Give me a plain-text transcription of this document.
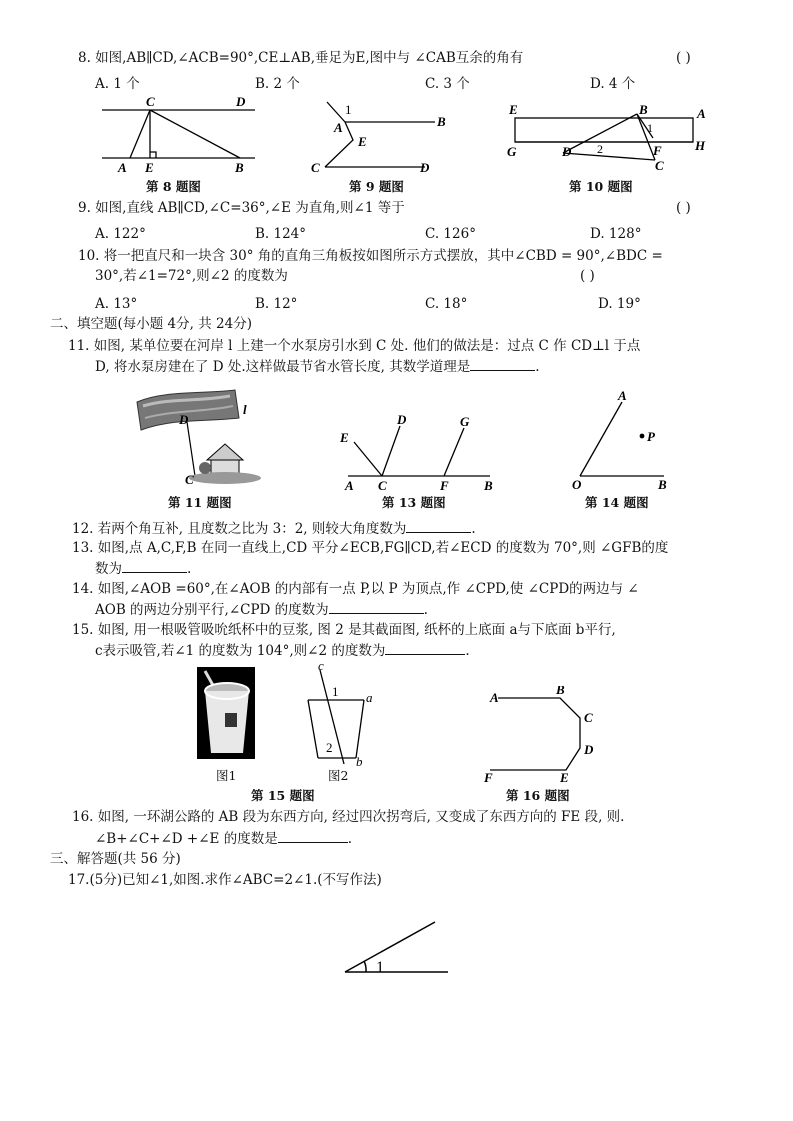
8. 如图,AB∥CD,∠ACB=90°,CE⊥AB,垂足为E,图中与 ∠CAB互余的角有	( )
A. 1 个	B. 2 个	C. 3 个	D. 4 个
C	D
A E	B
第 8 题图
1
A	B
E
C	D
第 9 题图
E	B	A
1
G	D 2	F	H
C
第 10 题图
9. 如图,直线 AB∥CD,∠C=36°,∠E 为直角,则∠1 等于	( )
A. 122°	B. 124°	C. 126°	D. 128°
10. 将一把直尺和一块含 30° 角的直角三角板按如图所示方式摆放，其中∠CBD = 90°,∠BDC =
30°,若∠1=72°,则∠2 的度数为	( )
A. 13°	B. 12°	C. 18°	D. 19°
二、填空题(每小题 4分, 共 24分)
11. 如图, 某单位要在河岸 l 上建一个水泵房引水到 C 处. 他们的做法是：过点 C 作 CD⊥l 于点
D, 将水泵房建在了 D 处.这样做最节省水管长度, 其数学道理是	.
l
D
C
第 11 题图
E
D	G
A C	F	B
第 13 题图
A
P
O	B
第 14 题图
12. 若两个角互补, 且度数之比为 3：2, 则较大角度数为	.
13. 如图,点 A,C,F,B 在同一直线上,CD 平分∠ECB,FG∥CD,若∠ECD 的度数为 70°,则 ∠GFB的度
数为	.
14. 如图,∠AOB =60°,在∠AOB 的内部有一点 P,以 P 为顶点,作 ∠CPD,使 ∠CPD的两边与 ∠
AOB 的两边分别平行,∠CPD 的度数为	.
15. 如图, 用一根吸管吸吮纸杯中的豆浆, 图 2 是其截面图, 纸杯的上底面 a与下底面 b平行,
c表示吸管,若∠1 的度数为 104°,则∠2 的度数为	.
图1
c
1 a
2
b
图2
第 15 题图
A
B
C
D
F	E
第 16 题图
16. 如图, 一环湖公路的 AB 段为东西方向, 经过四次拐弯后, 又变成了东西方向的 FE 段, 则.
∠B+∠C+∠D +∠E 的度数是	.
三、解答题(共 56 分)
17.(5分)已知∠1,如图.求作∠ABC=2∠1.(不写作法)
1
